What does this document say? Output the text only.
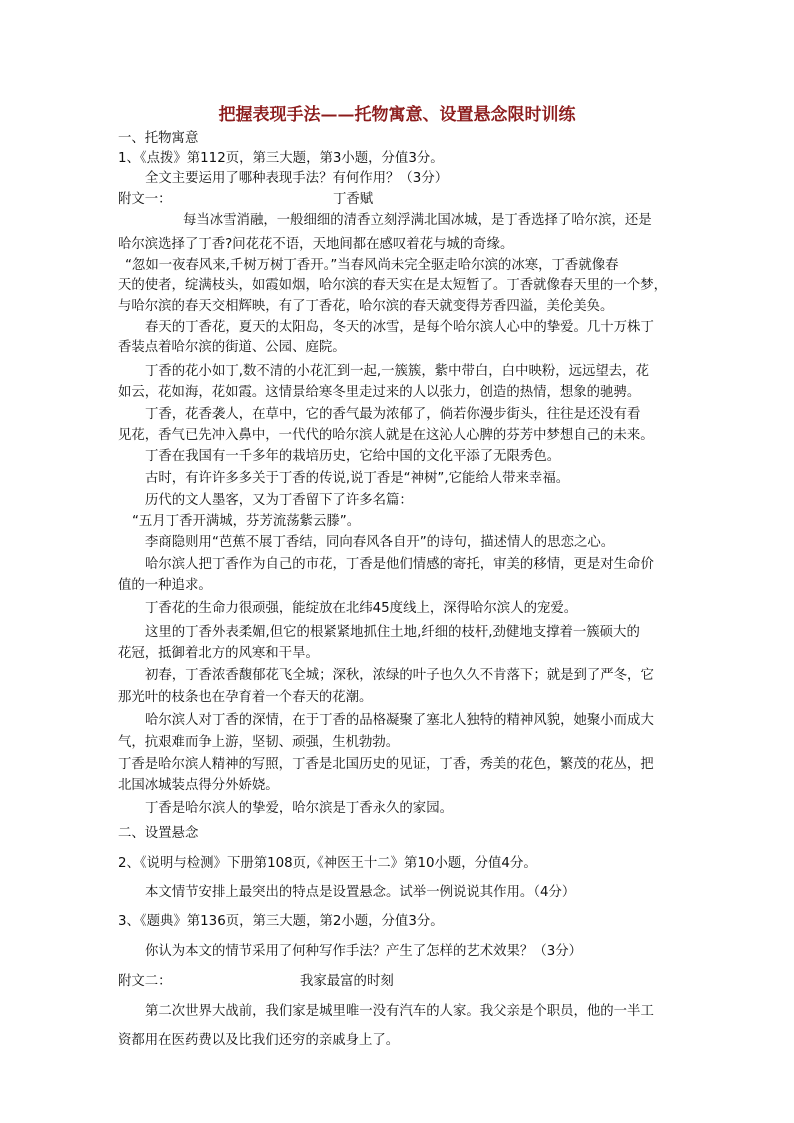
把握表现手法——托物寓意、设置悬念限时训练

一、托物寓意

1、《点拨》第112页，第三大题，第3小题，分值3分。

全文主要运用了哪种表现手法？有何作用？（3分）

附文一：	丁香赋

每当冰雪消融，一般细细的清香立刻浮满北国冰城，是丁香选择了哈尔滨，还是

哈尔滨选择了丁香?问花花不语，天地间都在感叹着花与城的奇缘。

“忽如一夜春风来,千树万树丁香开。”当春风尚未完全驱走哈尔滨的冰寒，丁香就像春

天的使者，绽满枝头，如霞如烟，哈尔滨的春天实在是太短暂了。丁香就像春天里的一个梦，

与哈尔滨的春天交相辉映，有了丁香花，哈尔滨的春天就变得芳香四溢，美伦美奂。

春天的丁香花，夏天的太阳岛，冬天的冰雪，是每个哈尔滨人心中的挚爱。几十万株丁

香装点着哈尔滨的街道、公园、庭院。

丁香的花小如丁,数不清的小花汇到一起,一簇簇，紫中带白，白中映粉，远远望去，花

如云，花如海，花如霞。这情景给寒冬里走过来的人以张力，创造的热情，想象的驰骋。

丁香，花香袭人，在草中，它的香气最为浓郁了，倘若你漫步街头，往往是还没有看

见花，香气已先冲入鼻中，一代代的哈尔滨人就是在这沁人心脾的芬芳中梦想自己的未来。

丁香在我国有一千多年的栽培历史，它给中国的文化平添了无限秀色。

古时，有许许多多关于丁香的传说,说丁香是“神树”,它能给人带来幸福。

历代的文人墨客，又为丁香留下了许多名篇：

“五月丁香开满城，芬芳流荡紫云滕”。

李商隐则用“芭蕉不展丁香结，同向春风各自开”的诗句，描述情人的思恋之心。

哈尔滨人把丁香作为自己的市花，丁香是他们情感的寄托，审美的移情，更是对生命价

值的一种追求。

丁香花的生命力很顽强，能绽放在北纬45度线上，深得哈尔滨人的宠爱。

这里的丁香外表柔媚,但它的根紧紧地抓住土地,纤细的枝杆,劲健地支撑着一簇硕大的

花冠，抵御着北方的风寒和干旱。

初春，丁香浓香馥郁花飞全城；深秋，浓绿的叶子也久久不肯落下；就是到了严冬，它

那光叶的枝条也在孕育着一个春天的花潮。

哈尔滨人对丁香的深情，在于丁香的品格凝聚了塞北人独特的精神风貌，她聚小而成大

气，抗艰难而争上游，坚韧、顽强，生机勃勃。

丁香是哈尔滨人精神的写照，丁香是北国历史的见证，丁香，秀美的花色，繁茂的花丛，把

北国冰城装点得分外娇娆。

丁香是哈尔滨人的挚爱，哈尔滨是丁香永久的家园。

二、设置悬念

2、《说明与检测》下册第108页,《神医王十二》第10小题，分值4分。

本文情节安排上最突出的特点是设置悬念。试举一例说说其作用。（4分）

3、《题典》第136页，第三大题，第2小题，分值3分。

你认为本文的情节采用了何种写作手法？产生了怎样的艺术效果？（3分）

附文二：	我家最富的时刻

第二次世界大战前，我们家是城里唯一没有汽车的人家。我父亲是个职员，他的一半工

资都用在医药费以及比我们还穷的亲戚身上了。
